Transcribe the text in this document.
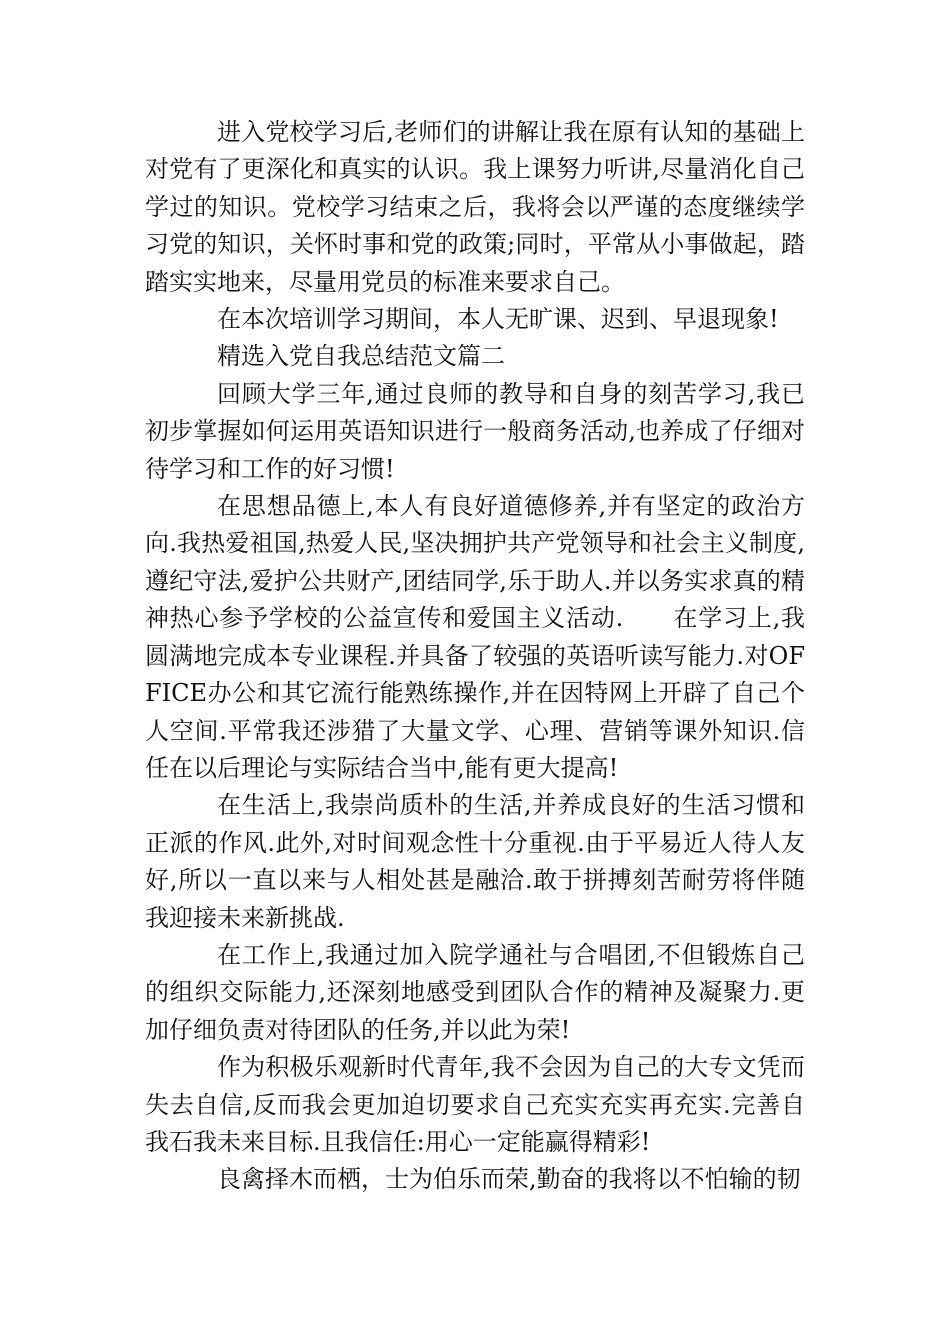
进入党校学习后,老师们的讲解让我在原有认知的基础上对党有了更深化和真实的认识。我上课努力听讲,尽量消化自己学过的知识。党校学习结束之后，我将会以严谨的态度继续学习党的知识，关怀时事和党的政策;同时，平常从小事做起，踏踏实实地来，尽量用党员的标准来要求自己。

在本次培训学习期间，本人无旷课、迟到、早退现象!

精选入党自我总结范文篇二

回顾大学三年,通过良师的教导和自身的刻苦学习,我已初步掌握如何运用英语知识进行一般商务活动,也养成了仔细对待学习和工作的好习惯!

在思想品德上,本人有良好道德修养,并有坚定的政治方向.我热爱祖国,热爱人民,坚决拥护共产党领导和社会主义制度,遵纪守法,爱护公共财产,团结同学,乐于助人.并以务实求真的精神热心参予学校的公益宣传和爱国主义活动.　　在学习上,我圆满地完成本专业课程.并具备了较强的英语听读写能力.对OFFICE办公和其它流行能熟练操作,并在因特网上开辟了自己个人空间.平常我还涉猎了大量文学、心理、营销等课外知识.信任在以后理论与实际结合当中,能有更大提高!

在生活上,我崇尚质朴的生活,并养成良好的生活习惯和正派的作风.此外,对时间观念性十分重视.由于平易近人待人友好,所以一直以来与人相处甚是融洽.敢于拼搏刻苦耐劳将伴随我迎接未来新挑战.

在工作上,我通过加入院学通社与合唱团,不但锻炼自己的组织交际能力,还深刻地感受到团队合作的精神及凝聚力.更加仔细负责对待团队的任务,并以此为荣!

作为积极乐观新时代青年,我不会因为自己的大专文凭而失去自信,反而我会更加迫切要求自己充实充实再充实.完善自我石我未来目标.且我信任:用心一定能赢得精彩!

良禽择木而栖，士为伯乐而荣,勤奋的我将以不怕输的韧
